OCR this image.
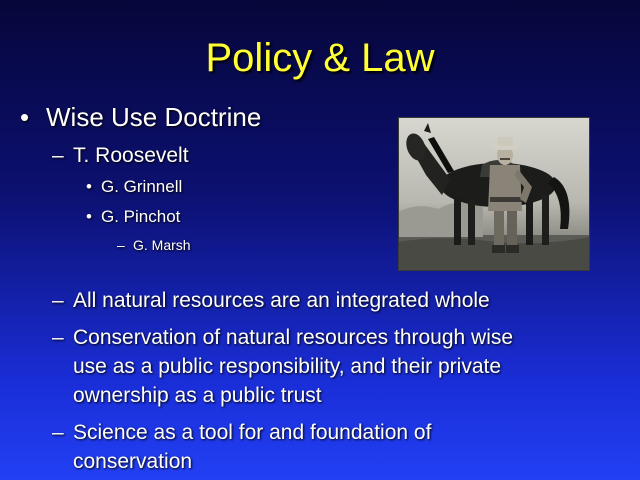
Policy & Law
• Wise Use Doctrine
– T. Roosevelt
• G. Grinnell
• G. Pinchot
– G. Marsh
– All natural resources are an integrated whole
– Conservation of natural resources through wise
use as a public responsibility, and their private
ownership as a public trust
– Science as a tool for and foundation of
conservation
